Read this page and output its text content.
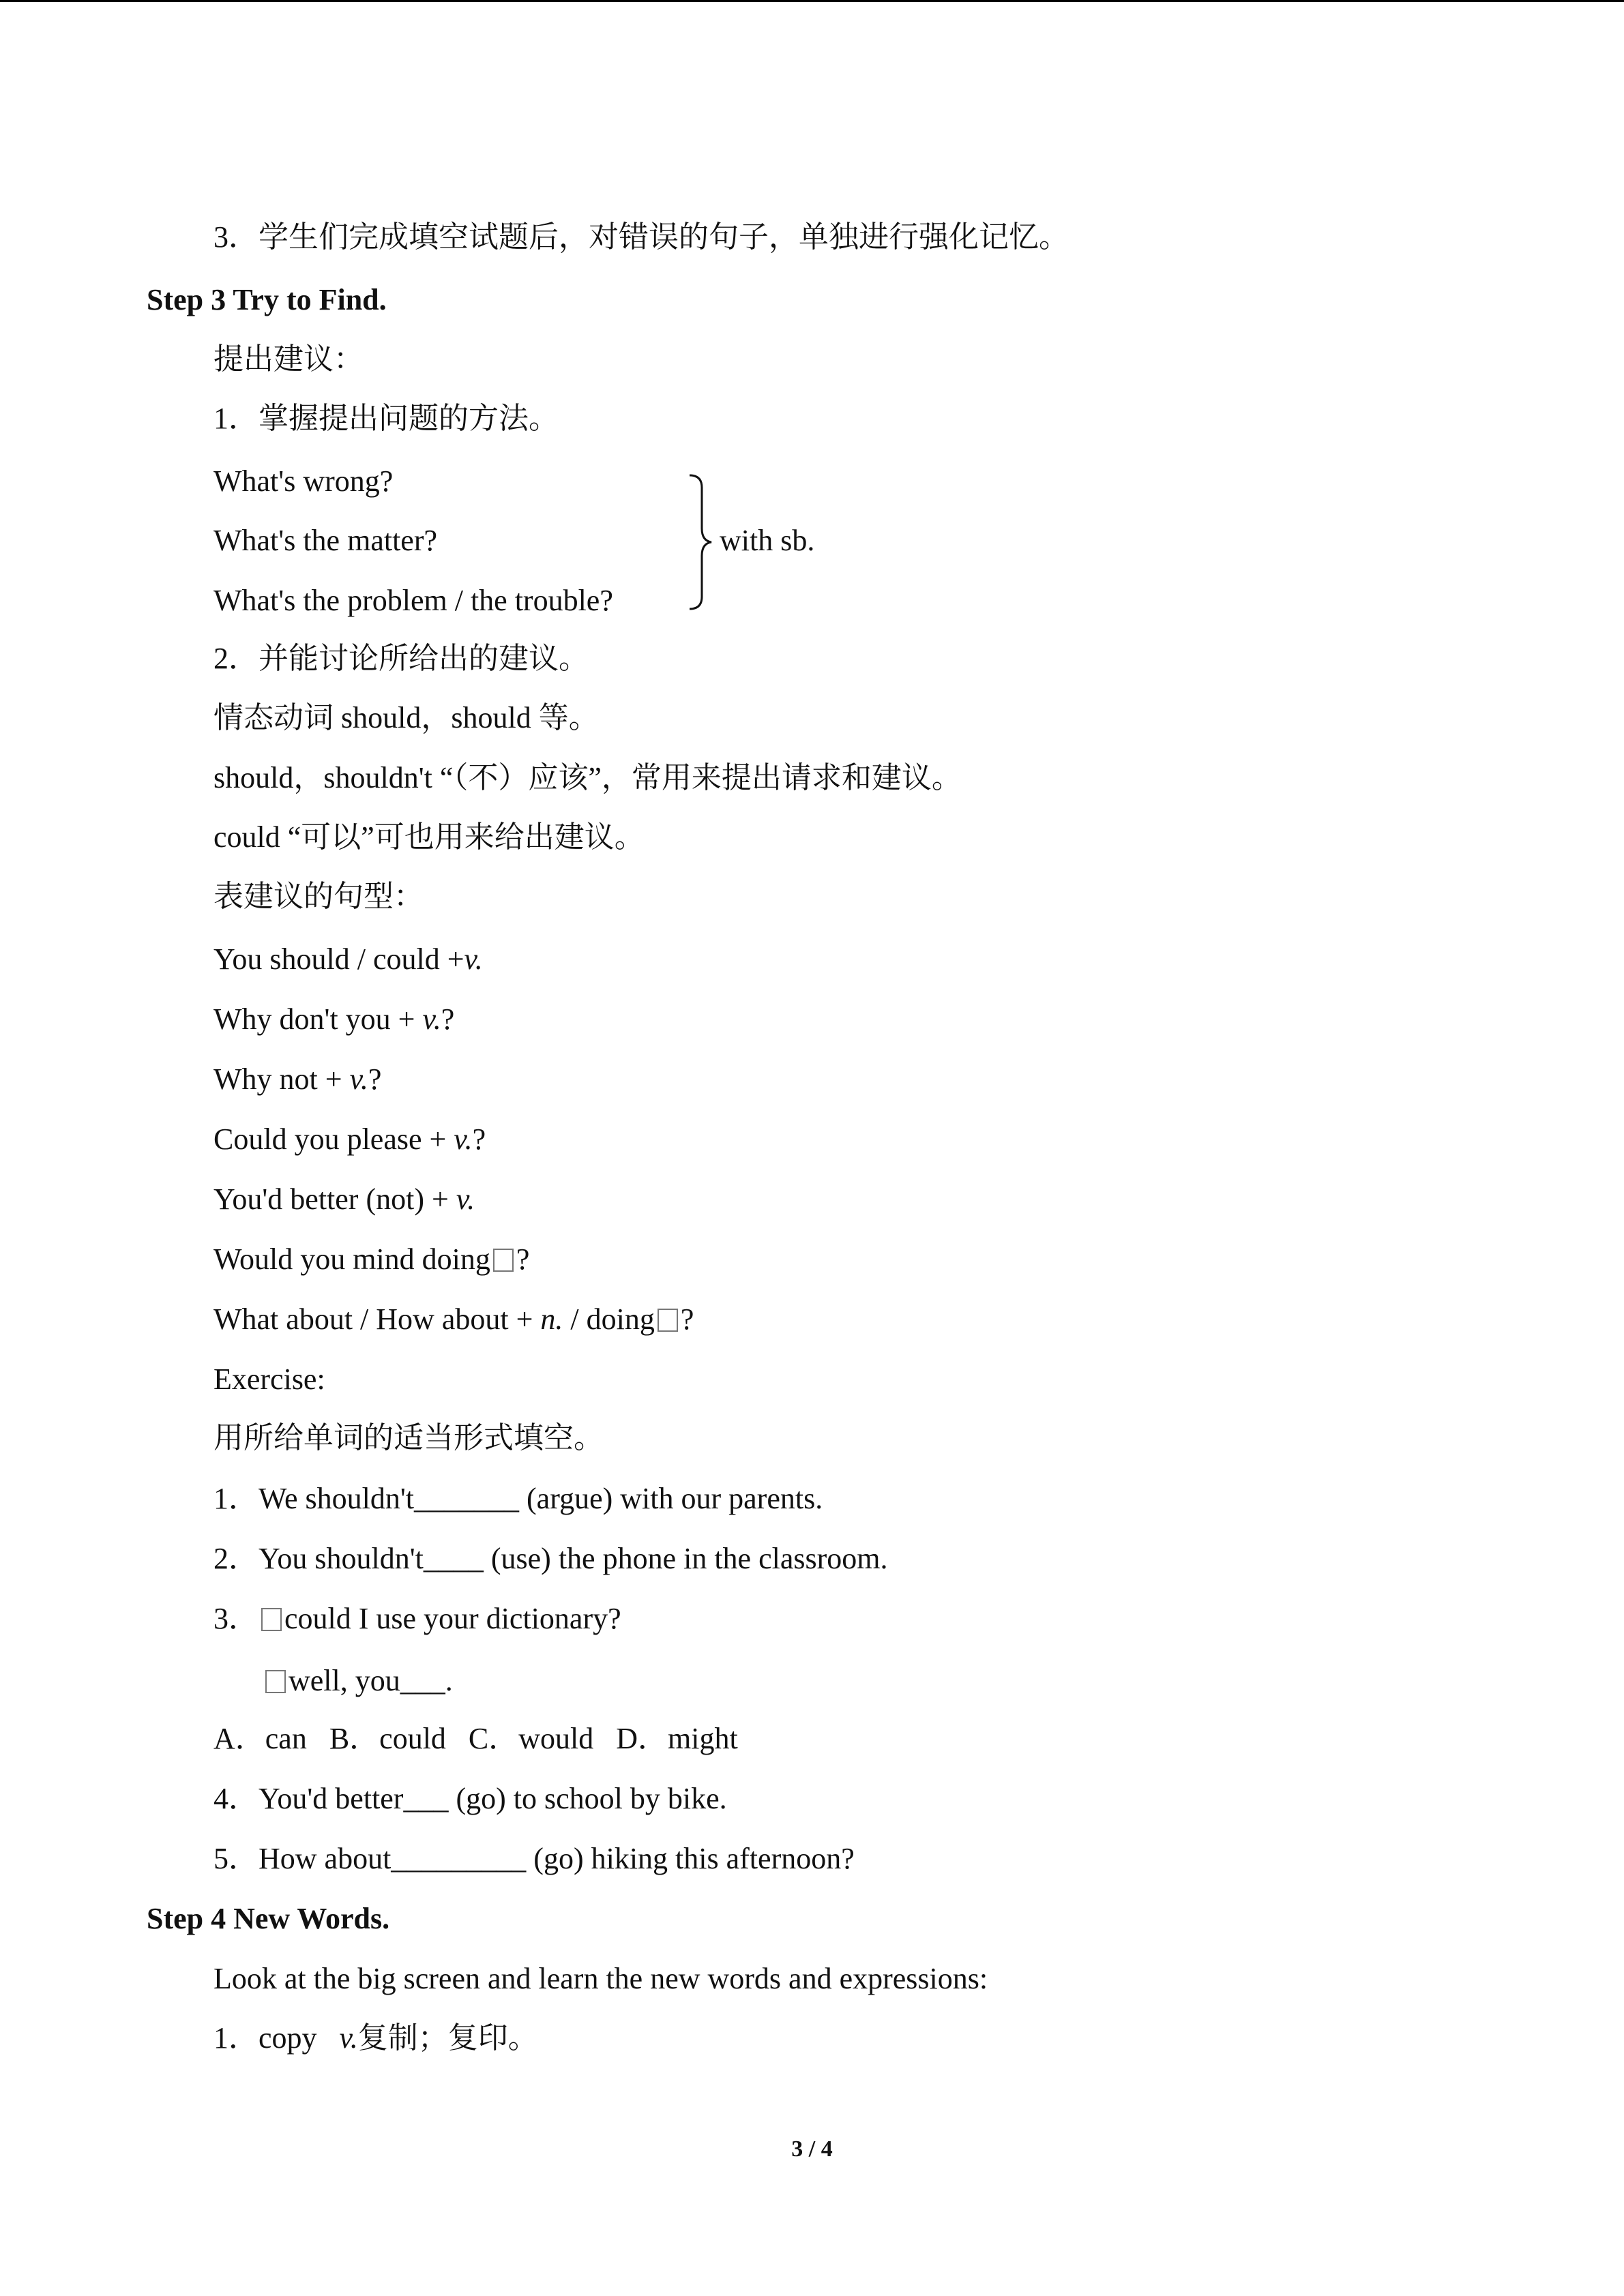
3．学生们完成填空试题后，对错误的句子，单独进行强化记忆。
Step 3 Try to Find.
提出建议：
1．掌握提出问题的方法。
What's wrong?
What's the matter?
What's the problem / the trouble?
with sb.
2．并能讨论所给出的建议。
情态动词 should，should 等。
should，shouldn't “（不）应该”，常用来提出请求和建议。
could “可以”可也用来给出建议。
表建议的句型：
You should / could +v.
Why don't you + v.?
Why not + v.?
Could you please + v.?
You'd better (not) + v.
Would you mind doing ?
What about / How about + n. / doing ?
Exercise:
用所给单词的适当形式填空。
1．We shouldn't_______ (argue) with our parents.
2．You shouldn't____ (use) the phone in the classroom.
3． could I use your dictionary?
well, you___.
A．can   B．could   C．would   D．might
4．You'd better___ (go) to school by bike.
5．How about_________ (go) hiking this afternoon?
Step 4 New Words.
Look at the big screen and learn the new words and expressions:
1．copy   v.复制；复印。
3 / 4
